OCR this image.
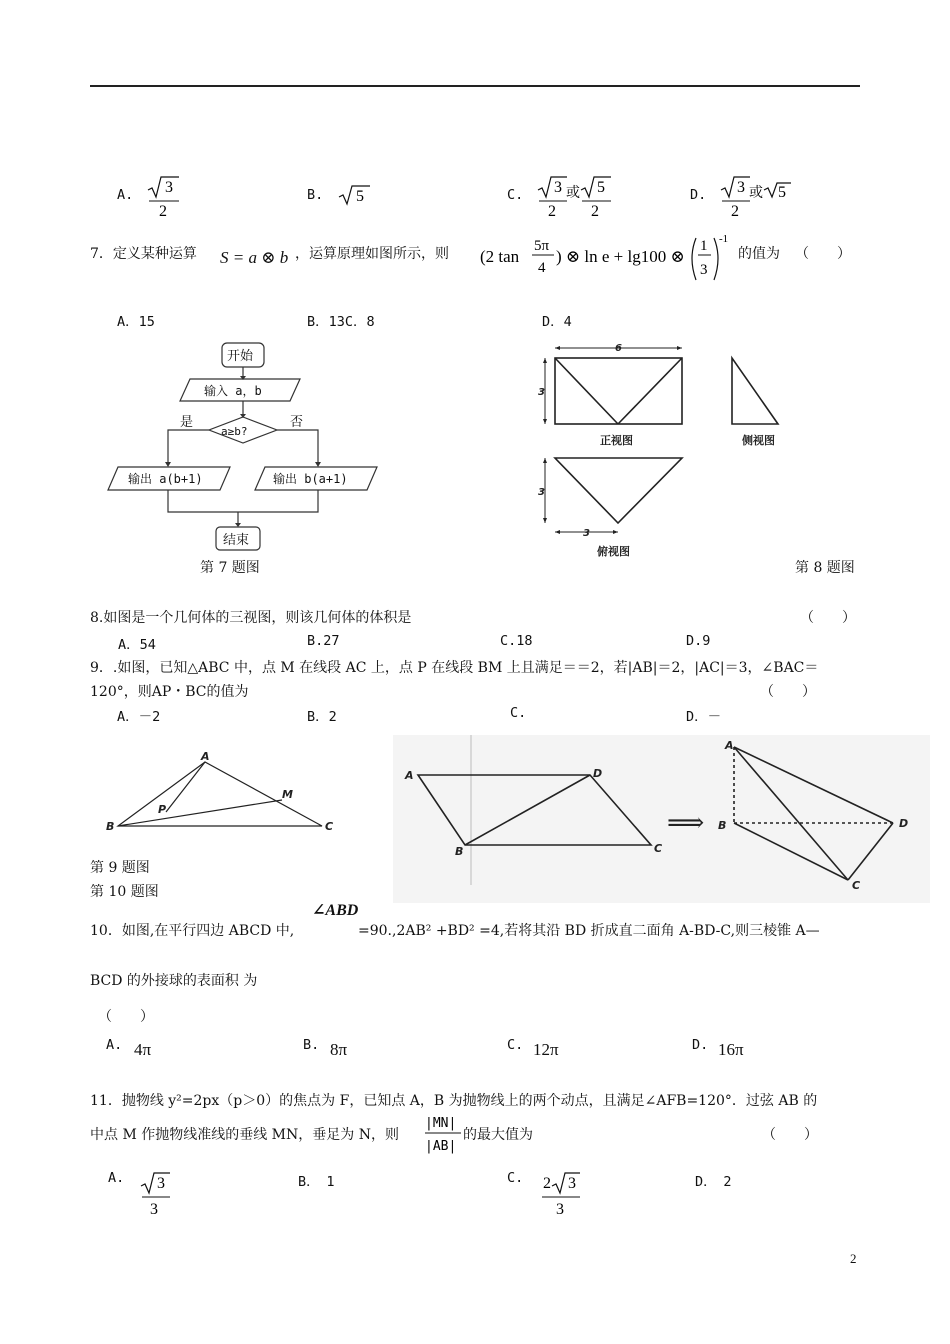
A. 3
2
B. 5	C. 3
2
或 5
2
D. 3
2
或 5
7．定义某种运算 S = a ⊗ b ，运算原理如图所示，则 (2 tan
5π
4
) ⊗ ln e + lg100 ⊗
1
3
-1
的值为 （　　）
A．15	B．13C．8	D．4
开始
输入 a，b
a≥b?
是	否
输出 a(b+1)	输出 b(a+1)
结束
第 7 题图
6
3
3
3
正视图	侧视图
俯视图
第 8 题图
8.如图是一个几何体的三视图，则该几何体的体积是	（　　）
A．54	B.27	C.18	D.9
9．.如图，已知△ABC 中，点 M 在线段 AC 上，点 P 在线段 BM 上且满足＝＝2，若|AB|＝2，|AC|＝3，∠BAC＝
120°，则AP・BC的值为	（　　）
A．－2	B．2	C.	D．－
A
B	C
M
P
第 9 题图
第 10 题图
A	D
B	C
A
B	D
C
⟹
10．如图,在平行四边 ABCD 中,
∠ABD
=90.,2AB² +BD² =4,若将其沿 BD 折成直二面角 A-BD-C,则三棱锥 A—
BCD 的外接球的表面积 为
（　　）
A. 4π	B. 8π	C. 12π	D. 16π
11．抛物线 y²=2px（p＞0）的焦点为 F，已知点 A，B 为抛物线上的两个动点，且满足∠AFB=120°．过弦 AB 的
中点 M 作抛物线准线的垂线 MN，垂足为 N，则
|MN|
|AB|
的最大值为	（　　）
A. 3
3
B．　1	C. 2 3
3
D．　2
2
